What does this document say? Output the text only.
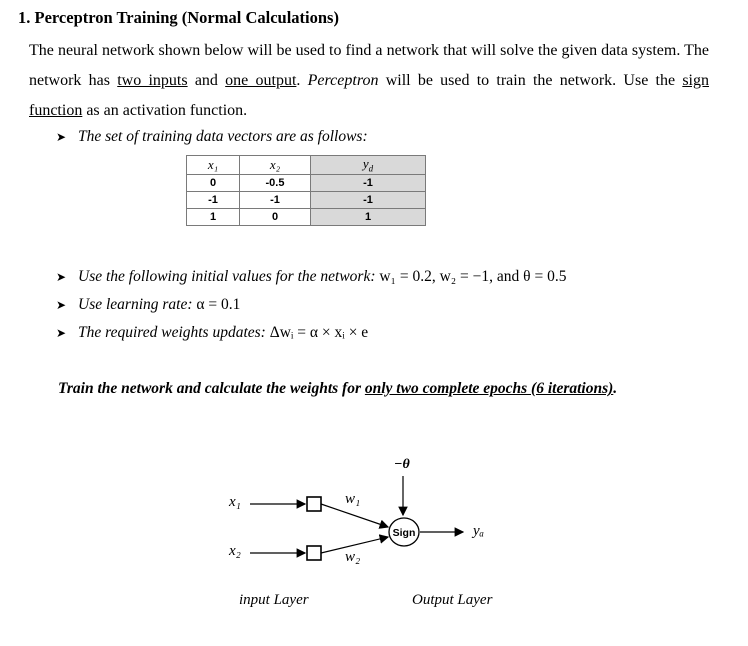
1. Perceptron Training (Normal Calculations)
The neural network shown below will be used to find a network that will solve the given data system. The network has two inputs and one output. Perceptron will be used to train the network. Use the sign function as an activation function.
➤ The set of training data vectors are as follows:
x₁	x₂	$y_d$
0	-0.5	-1
-1	-1	-1
1	0	1
➤ Use the following initial values for the network: w₁ = 0.2, w₂ = −1, and θ = 0.5
➤ Use learning rate: α = 0.1
➤ The required weights updates: Δwᵢ = α × xᵢ × e
Train the network and calculate the weights for only two complete epochs (6 iterations).
Sign
x₁
x₂
w₁
w₂
−θ
yₐ
input Layer	Output Layer
